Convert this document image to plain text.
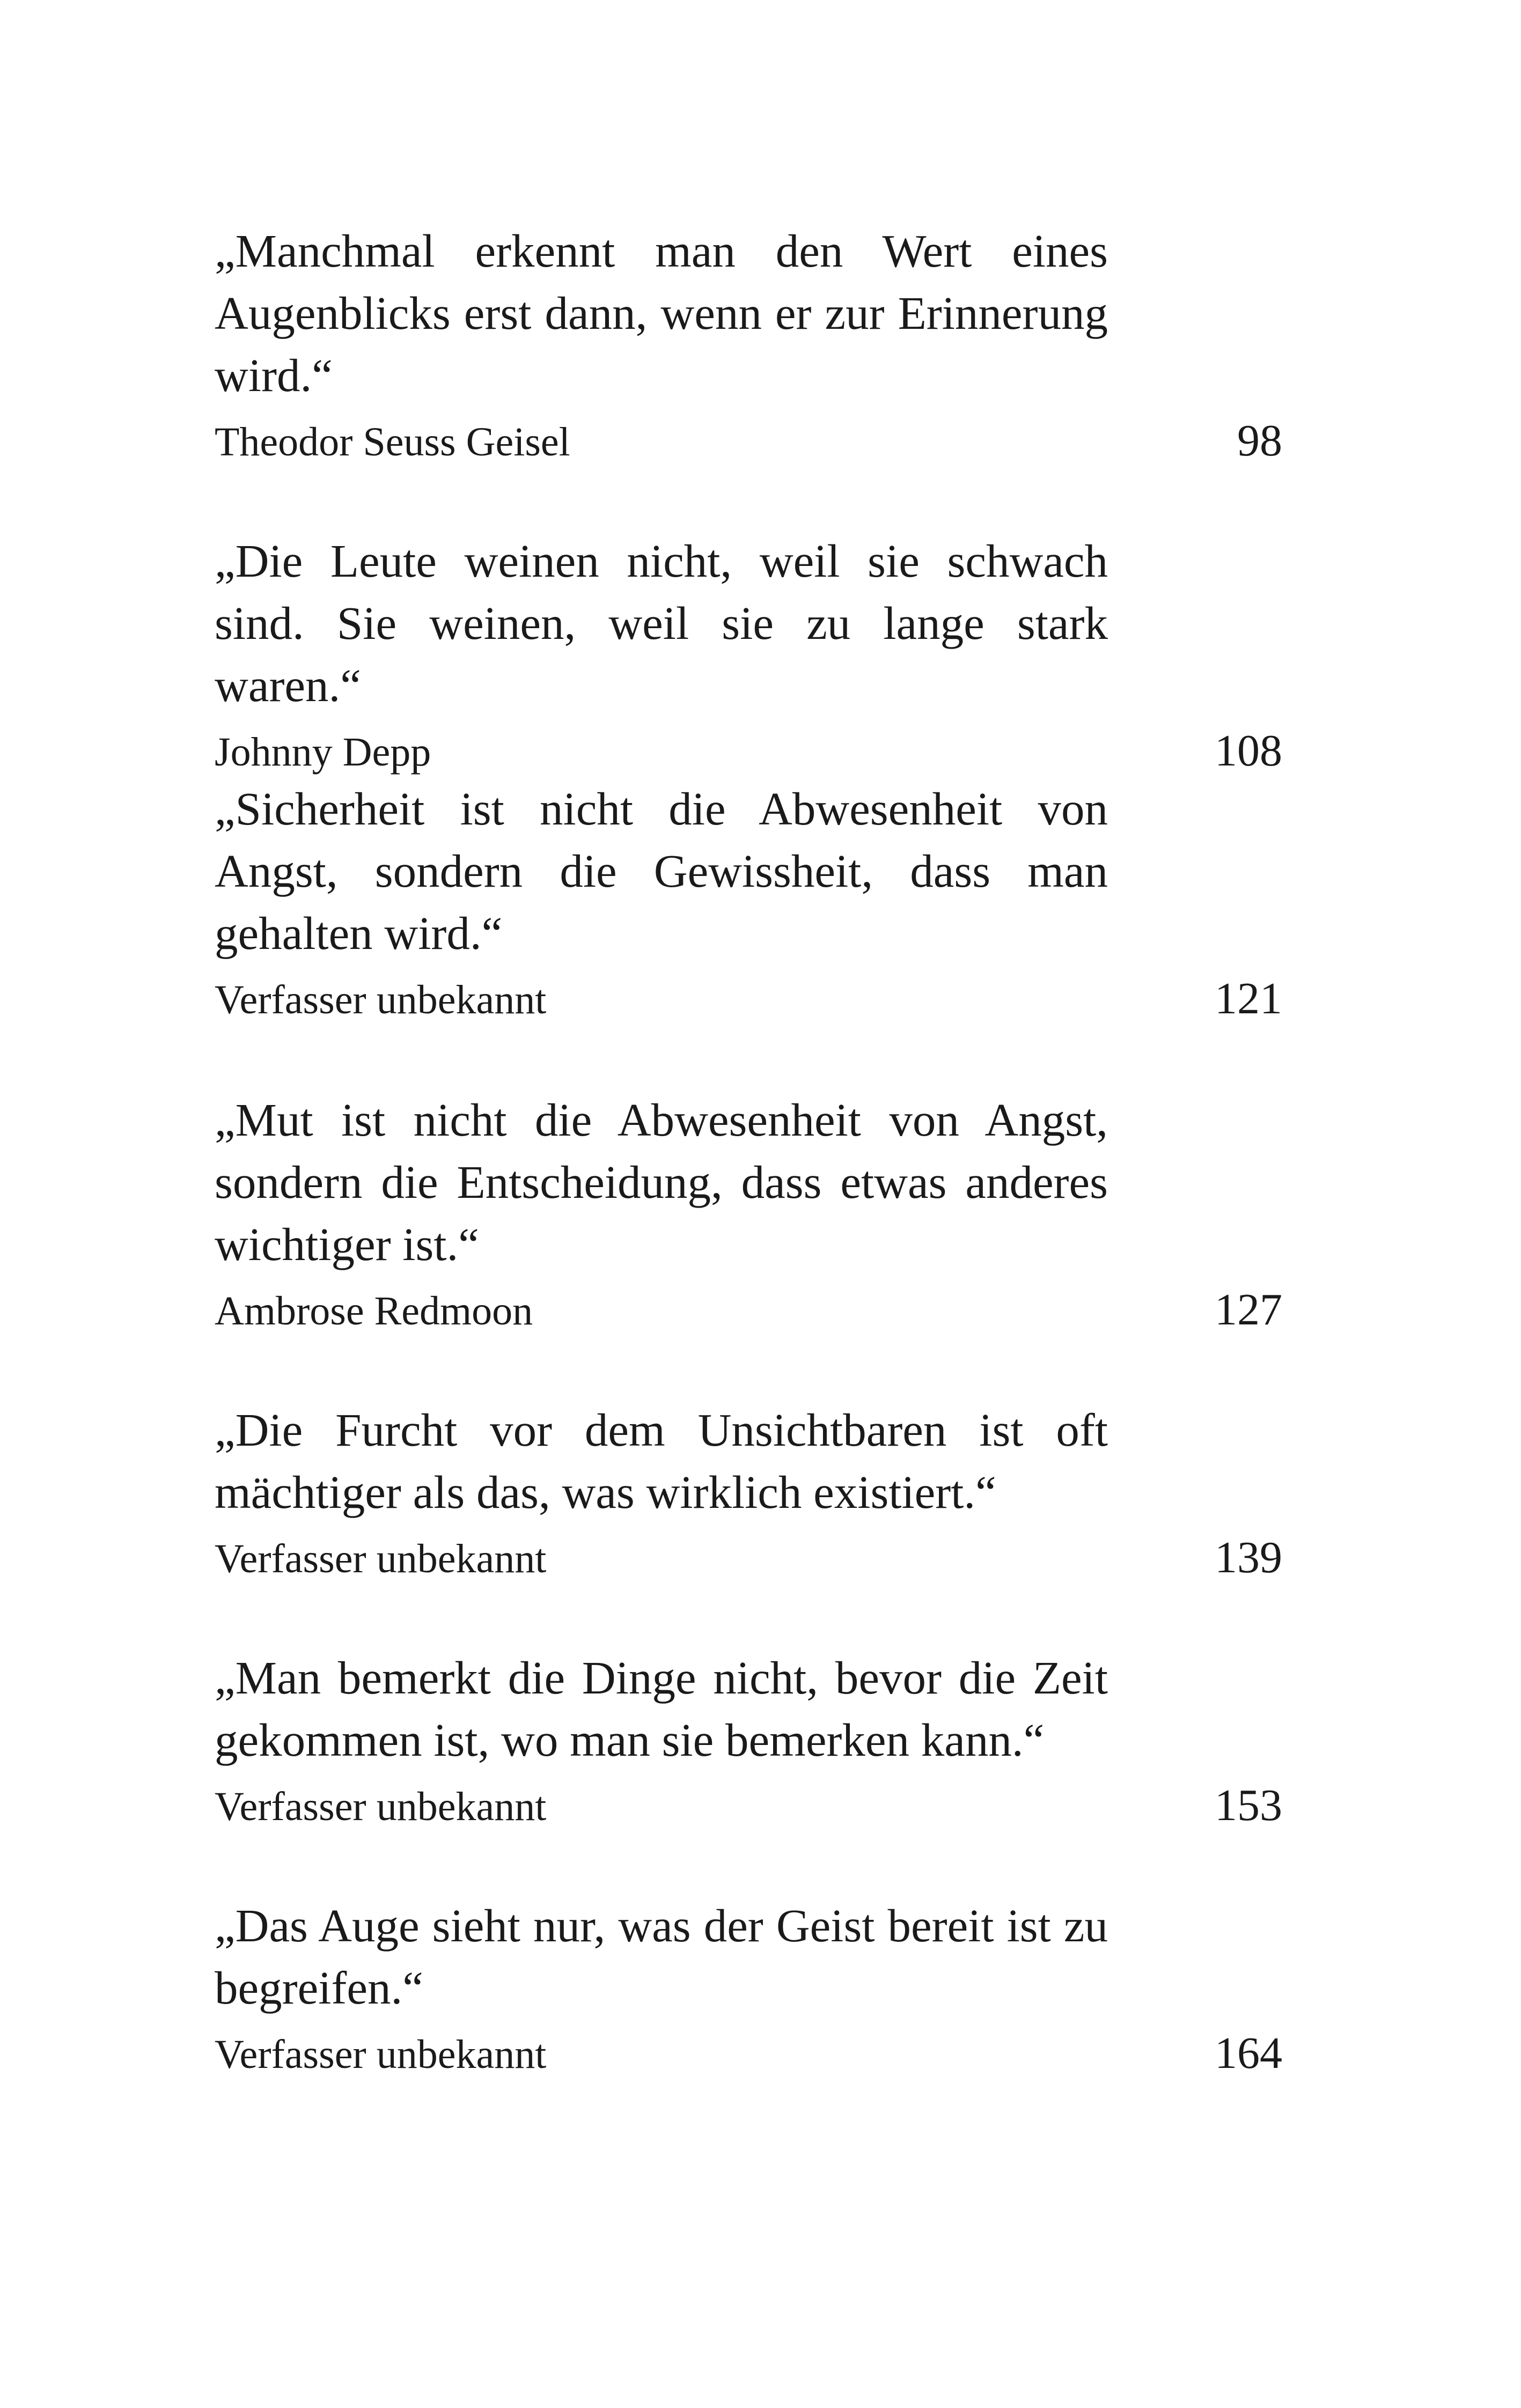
„Manchmal erkennt man den Wert eines Augenblicks erst dann, wenn er zur Erinnerung wird.“

Theodor Seuss Geisel	98

„Die Leute weinen nicht, weil sie schwach sind. Sie weinen, weil sie zu lange stark waren.“

Johnny Depp	108

„Sicherheit ist nicht die Abwesenheit von Angst, sondern die Gewissheit, dass man gehalten wird.“

Verfasser unbekannt	121

„Mut ist nicht die Abwesenheit von Angst, sondern die Entscheidung, dass etwas anderes wichtiger ist.“

Ambrose Redmoon	127

„Die Furcht vor dem Unsichtbaren ist oft mächtiger als das, was wirklich existiert.“

Verfasser unbekannt	139

„Man bemerkt die Dinge nicht, bevor die Zeit gekommen ist, wo man sie bemerken kann.“

Verfasser unbekannt	153

„Das Auge sieht nur, was der Geist bereit ist zu begreifen.“

Verfasser unbekannt	164
